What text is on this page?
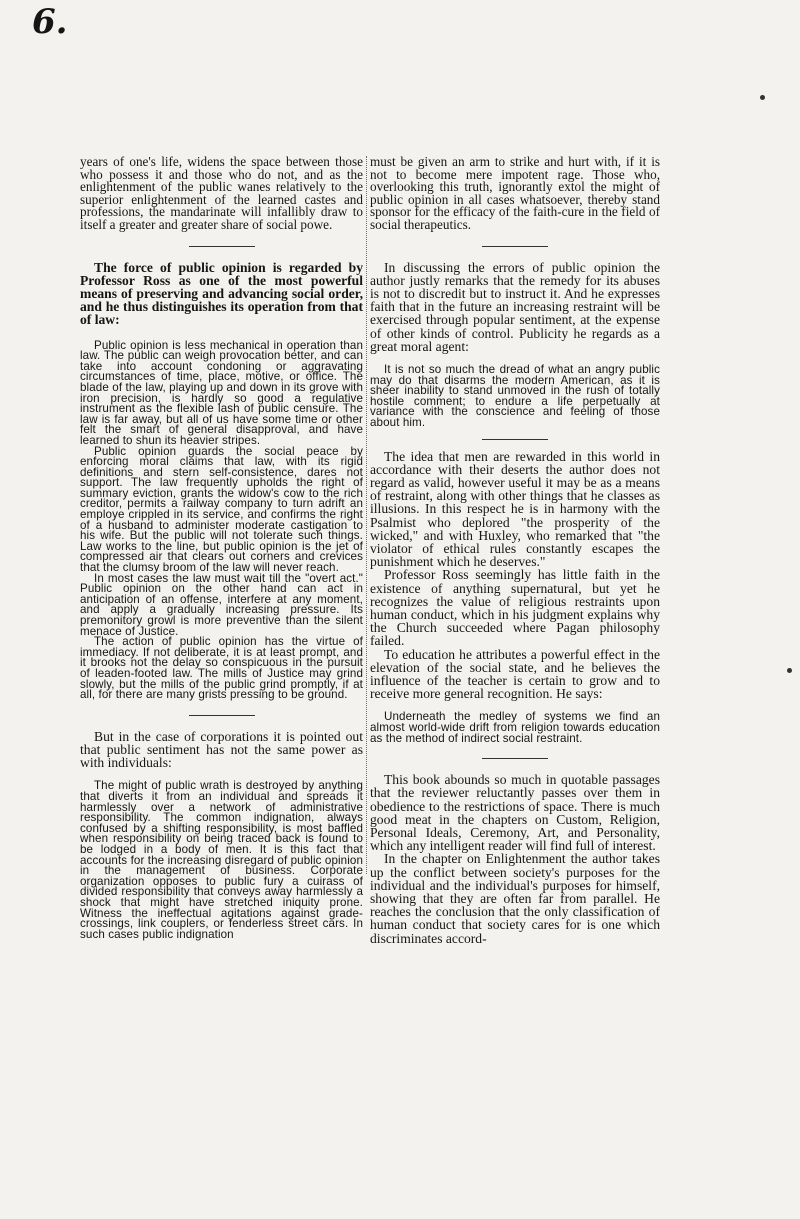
6.

years of one's life, widens the space between those who possess it and those who do not, and as the enlightenment of the public wanes relatively to the superior enlightenment of the learned castes and professions, the mandarinate will infallibly draw to itself a greater and greater share of social powe.

The force of public opinion is regarded by Professor Ross as one of the most powerful means of preserving and advancing social order, and he thus distinguishes its operation from that of law:

Public opinion is less mechanical in operation than law. The public can weigh provocation better, and can take into account condoning or aggravating circumstances of time, place, motive, or office. The blade of the law, playing up and down in its grove with iron precision, is hardly so good a regulative instrument as the flexible lash of public censure. The law is far away, but all of us have some time or other felt the smart of general disapproval, and have learned to shun its heavier stripes.

Public opinion guards the social peace by enforcing moral claims that law, with its rigid definitions and stern self-consistence, dares not support. The law frequently upholds the right of summary eviction, grants the widow's cow to the rich creditor, permits a railway company to turn adrift an employe crippled in its service, and confirms the right of a husband to administer moderate castigation to his wife. But the public will not tolerate such things. Law works to the line, but public opinion is the jet of compressed air that clears out corners and crevices that the clumsy broom of the law will never reach.

In most cases the law must wait till the "overt act." Public opinion on the other hand can act in anticipation of an offense, interfere at any moment, and apply a gradually increasing pressure. Its premonitory growl is more preventive than the silent menace of Justice.

The action of public opinion has the virtue of immediacy. If not deliberate, it is at least prompt, and it brooks not the delay so conspicuous in the pursuit of leaden-footed law. The mills of Justice may grind slowly, but the mills of the public grind promptly, if at all, for there are many grists pressing to be ground.

But in the case of corporations it is pointed out that public sentiment has not the same power as with individuals:

The might of public wrath is destroyed by anything that diverts it from an individual and spreads it harmlessly over a network of administrative responsibility. The common indignation, always confused by a shifting responsibility, is most baffled when responsibility on being traced back is found to be lodged in a body of men. It is this fact that accounts for the increasing disregard of public opinion in the management of business. Corporate organization opposes to public fury a cuirass of divided responsibility that conveys away harmlessly a shock that might have stretched iniquity prone. Witness the ineffectual agitations against grade-crossings, link couplers, or fenderless street cars. In such cases public indignation

must be given an arm to strike and hurt with, if it is not to become mere impotent rage. Those who, overlooking this truth, ignorantly extol the might of public opinion in all cases whatsoever, thereby stand sponsor for the efficacy of the faith-cure in the field of social therapeutics.

In discussing the errors of public opinion the author justly remarks that the remedy for its abuses is not to discredit but to instruct it. And he expresses faith that in the future an increasing restraint will be exercised through popular sentiment, at the expense of other kinds of control. Publicity he regards as a great moral agent:

It is not so much the dread of what an angry public may do that disarms the modern American, as it is sheer inability to stand unmoved in the rush of totally hostile comment; to endure a life perpetually at variance with the conscience and feeling of those about him.

The idea that men are rewarded in this world in accordance with their deserts the author does not regard as valid, however useful it may be as a means of restraint, along with other things that he classes as illusions. In this respect he is in harmony with the Psalmist who deplored "the prosperity of the wicked," and with Huxley, who remarked that "the violator of ethical rules constantly escapes the punishment which he deserves."

Professor Ross seemingly has little faith in the existence of anything supernatural, but yet he recognizes the value of religious restraints upon human conduct, which in his judgment explains why the Church succeeded where Pagan philosophy failed.

To education he attributes a powerful effect in the elevation of the social state, and he believes the influence of the teacher is certain to grow and to receive more general recognition. He says:

Underneath the medley of systems we find an almost world-wide drift from religion towards education as the method of indirect social restraint.

This book abounds so much in quotable passages that the reviewer reluctantly passes over them in obedience to the restrictions of space. There is much good meat in the chapters on Custom, Religion, Personal Ideals, Ceremony, Art, and Personality, which any intelligent reader will find full of interest.

In the chapter on Enlightenment the author takes up the conflict between society's purposes for the individual and the individual's purposes for himself, showing that they are often far from parallel. He reaches the conclusion that the only classification of human conduct that society cares for is one which discriminates accord-
